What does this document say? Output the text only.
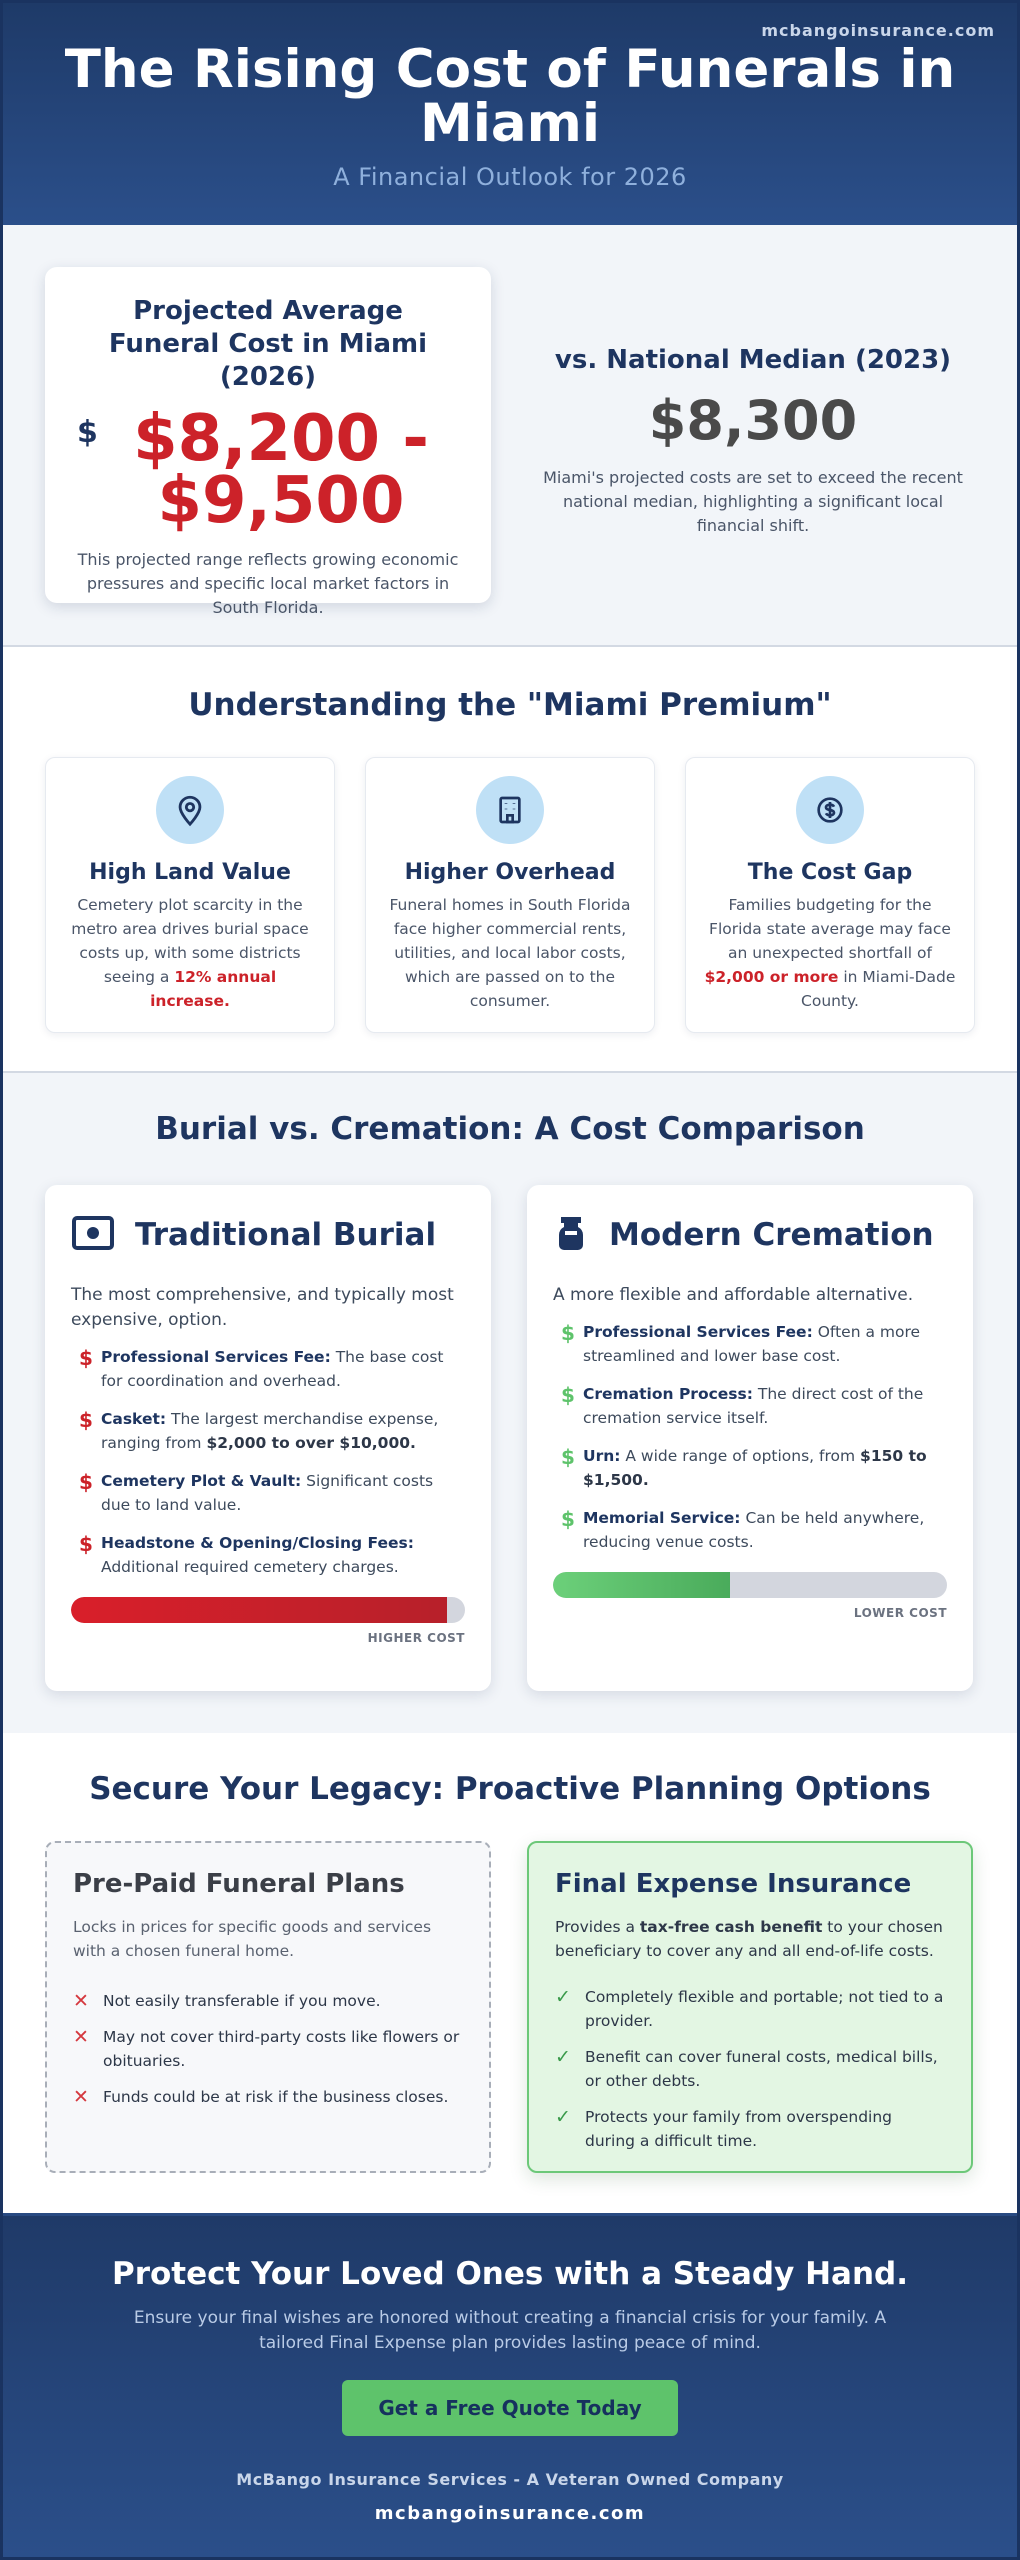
mcbangoinsurance.com
The Rising Cost of Funerals in Miami
A Financial Outlook for 2026
Projected Average Funeral Cost in Miami (2026)
$ $8,200 -
$9,500
This projected range reflects growing economic pressures and specific local market factors in South Florida.
vs. National Median (2023)
$8,300
Miami's projected costs are set to exceed the recent national median, highlighting a significant local financial shift.
Understanding the "Miami Premium"
High Land Value
Cemetery plot scarcity in the metro area drives burial space costs up, with some districts seeing a 12% annual increase.
Higher Overhead
Funeral homes in South Florida face higher commercial rents, utilities, and local labor costs, which are passed on to the consumer.
The Cost Gap
Families budgeting for the Florida state average may face an unexpected shortfall of $2,000 or more in Miami-Dade County.
Burial vs. Cremation: A Cost Comparison
Traditional Burial
The most comprehensive, and typically most expensive, option.
$ Professional Services Fee: The base cost for coordination and overhead.
$ Casket: The largest merchandise expense, ranging from $2,000 to over $10,000.
$ Cemetery Plot & Vault: Significant costs due to land value.
$ Headstone & Opening/Closing Fees: Additional required cemetery charges.
HIGHER COST
Modern Cremation
A more flexible and affordable alternative.
$ Professional Services Fee: Often a more streamlined and lower base cost.
$ Cremation Process: The direct cost of the cremation service itself.
$ Urn: A wide range of options, from $150 to $1,500.
$ Memorial Service: Can be held anywhere, reducing venue costs.
LOWER COST
Secure Your Legacy: Proactive Planning Options
Pre-Paid Funeral Plans
Locks in prices for specific goods and services with a chosen funeral home.
✕ Not easily transferable if you move.
✕ May not cover third-party costs like flowers or obituaries.
✕ Funds could be at risk if the business closes.
Final Expense Insurance
Provides a tax-free cash benefit to your chosen beneficiary to cover any and all end-of-life costs.
✓ Completely flexible and portable; not tied to a provider.
✓ Benefit can cover funeral costs, medical bills, or other debts.
✓ Protects your family from overspending during a difficult time.
Protect Your Loved Ones with a Steady Hand.
Ensure your final wishes are honored without creating a financial crisis for your family. A tailored Final Expense plan provides lasting peace of mind.
Get a Free Quote Today
McBango Insurance Services - A Veteran Owned Company
mcbangoinsurance.com
